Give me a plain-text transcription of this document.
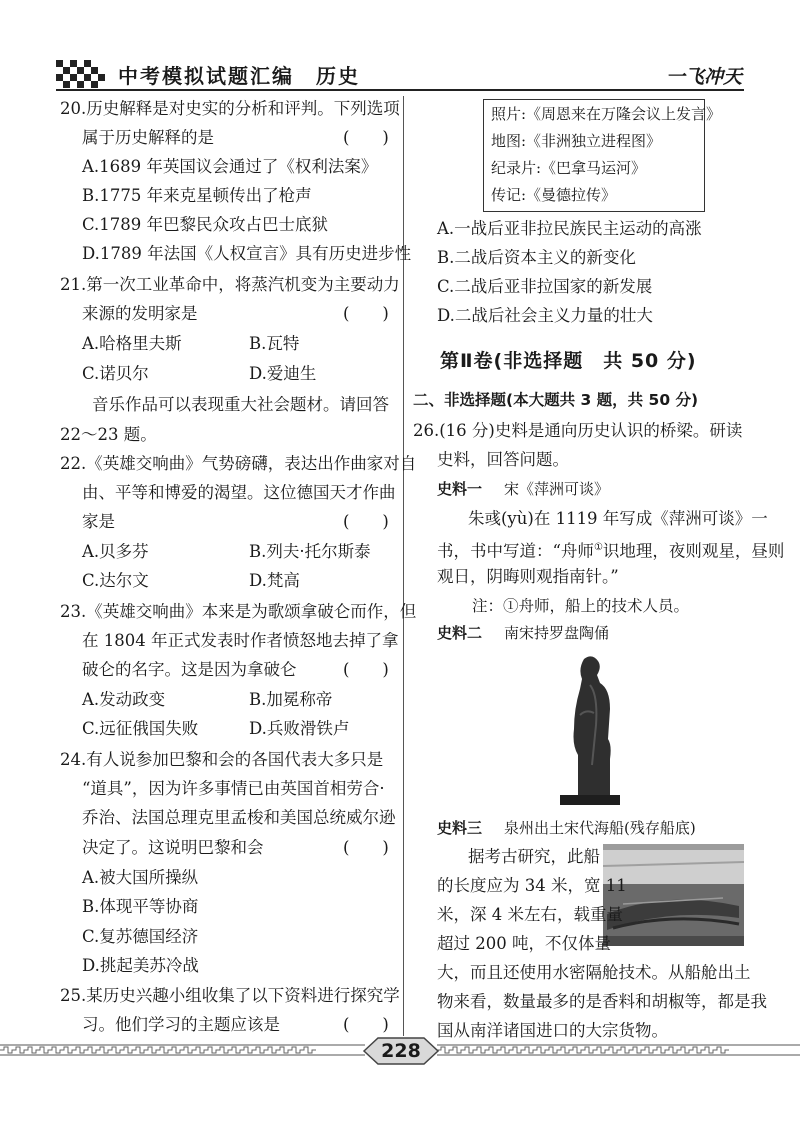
中考模拟试题汇编　历史	一飞冲天
20.历史解释是对史实的分析和评判。下列选项
属于历史解释的是	(　　)
A.1689 年英国议会通过了《权利法案》
B.1775 年来克星顿传出了枪声
C.1789 年巴黎民众攻占巴士底狱
D.1789 年法国《人权宣言》具有历史进步性
21.第一次工业革命中，将蒸汽机变为主要动力
来源的发明家是	(　　)
A.哈格里夫斯	B.瓦特
C.诺贝尔	D.爱迪生
音乐作品可以表现重大社会题材。请回答
22～23 题。
22.《英雄交响曲》气势磅礴，表达出作曲家对自
由、平等和博爱的渴望。这位德国天才作曲
家是	(　　)
A.贝多芬	B.列夫·托尔斯泰
C.达尔文	D.梵高
23.《英雄交响曲》本来是为歌颂拿破仑而作，但
在 1804 年正式发表时作者愤怒地去掉了拿
破仑的名字。这是因为拿破仑	(　　)
A.发动政变	B.加冕称帝
C.远征俄国失败	D.兵败滑铁卢
24.有人说参加巴黎和会的各国代表大多只是
“道具”，因为许多事情已由英国首相劳合·
乔治、法国总理克里孟梭和美国总统威尔逊
决定了。这说明巴黎和会	(　　)
A.被大国所操纵
B.体现平等协商
C.复苏德国经济
D.挑起美苏冷战
25.某历史兴趣小组收集了以下资料进行探究学
习。他们学习的主题应该是	(　　)
照片:《周恩来在万隆会议上发言》
地图:《非洲独立进程图》
纪录片:《巴拿马运河》
传记:《曼德拉传》
A.一战后亚非拉民族民主运动的高涨
B.二战后资本主义的新变化
C.二战后亚非拉国家的新发展
D.二战后社会主义力量的壮大
第Ⅱ卷(非选择题　共 50 分)
二、非选择题(本大题共 3 题，共 50 分)
26.(16 分)史料是通向历史认识的桥梁。研读
史料，回答问题。
史料一 宋《萍洲可谈》
朱彧(yù)在 1119 年写成《萍洲可谈》一
书，书中写道：“舟师①识地理，夜则观星，昼则
观日，阴晦则观指南针。”
注：①舟师，船上的技术人员。
史料二 南宋持罗盘陶俑
史料三 泉州出土宋代海船(残存船底)
据考古研究，此船
的长度应为 34 米，宽 11
米，深 4 米左右，载重量
超过 200 吨，不仅体量
大，而且还使用水密隔舱技术。从船舱出土
物来看，数量最多的是香料和胡椒等，都是我
国从南洋诸国进口的大宗货物。
228
